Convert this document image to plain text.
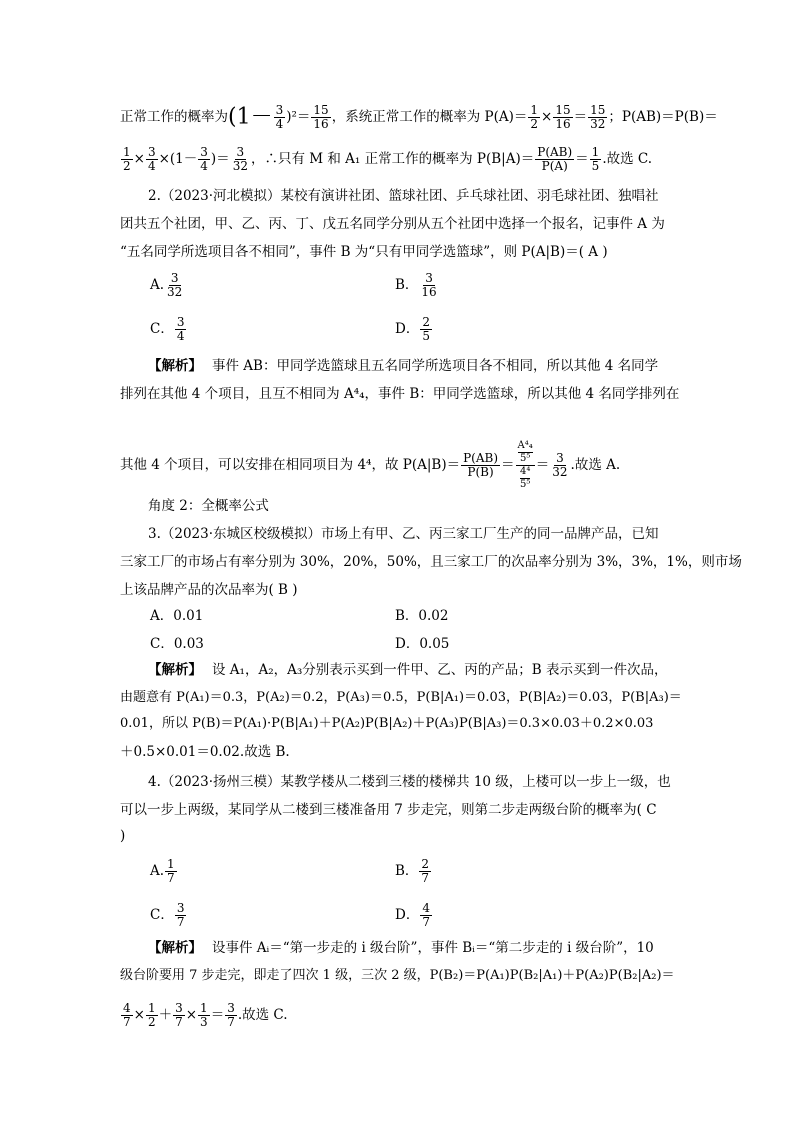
正常工作的概率为$(1- \frac{3}{4} )^2= \frac{15}{16}$ ，系统正常工作的概率为 $P(A)= \frac{1}{2} \times \frac{15}{16} = \frac{15}{32}$ ；P(AB)＝P(B)＝
$\frac{1}{2} \times \frac{3}{4} \times(1- \frac{3}{4}$ )＝ $\frac{3}{32}$ ，∴只有 M 和 A₁ 正常工作的概率为 $P(B|A)= \frac{P(AB)}{P(A)} = \frac{1}{5}$ .故选 C.
2.（2023·河北模拟）某校有演讲社团、篮球社团、乒乓球社团、羽毛球社团、独唱社
团共五个社团，甲、乙、丙、丁、戊五名同学分别从五个社团中选择一个报名，记事件 A 为
“五名同学所选项目各不相同”，事件 B 为“只有甲同学选篮球”，则 P(A|B)＝( A )
A. $\frac{3}{32}$	B． $\frac{3}{16}$
C． $\frac{3}{4}$	D． $\frac{2}{5}$
【解析】 事件 AB：甲同学选篮球且五名同学所选项目各不相同，所以其他 4 名同学
排列在其他 4 个项目，且互不相同为 A⁴₄，事件 B：甲同学选篮球，所以其他 4 名同学排列在
其他 4 个项目，可以安排在相同项目为 4⁴，故 $P(A|B)= \frac{P(AB)}{P(B)} = A^4_4$
5⁵
4⁴
$5^5 = \frac{3}{32}$ .故选 A.
角度 2：全概率公式
3.（2023·东城区校级模拟）市场上有甲、乙、丙三家工厂生产的同一品牌产品，已知
三家工厂的市场占有率分别为 30%，20%，50%，且三家工厂的次品率分别为 3%，3%，1%，则市场
上该品牌产品的次品率为( B )
A．0.01	B．0.02
C．0.03	D．0.05
【解析】 设 A₁，A₂，A₃分别表示买到一件甲、乙、丙的产品；B 表示买到一件次品，
由题意有 P(A₁)＝0.3，P(A₂)＝0.2，P(A₃)＝0.5，P(B|A₁)＝0.03，P(B|A₂)＝0.03，P(B|A₃)＝
0.01，所以 P(B)＝P(A₁)·P(B|A₁)＋P(A₂)P(B|A₂)＋P(A₃)P(B|A₃)＝0.3×0.03＋0.2×0.03
＋0.5×0.01＝0.02.故选 B.
4.（2023·扬州三模）某教学楼从二楼到三楼的楼梯共 10 级，上楼可以一步上一级，也
可以一步上两级，某同学从二楼到三楼准备用 7 步走完，则第二步走两级台阶的概率为( C
)
A. $\frac{1}{7}$	B． $\frac{2}{7}$
C． $\frac{3}{7}$	D． $\frac{4}{7}$
【解析】 设事件 Aᵢ＝“第一步走的 i 级台阶”，事件 Bᵢ＝“第二步走的 i 级台阶”，10
级台阶要用 7 步走完，即走了四次 1 级，三次 2 级，P(B₂)＝P(A₁)P(B₂|A₁)＋P(A₂)P(B₂|A₂)＝
$\frac{4}{7} \times \frac{1}{2} + \frac{3}{7} \times \frac{1}{3} = \frac{3}{7}$ .故选 C.
